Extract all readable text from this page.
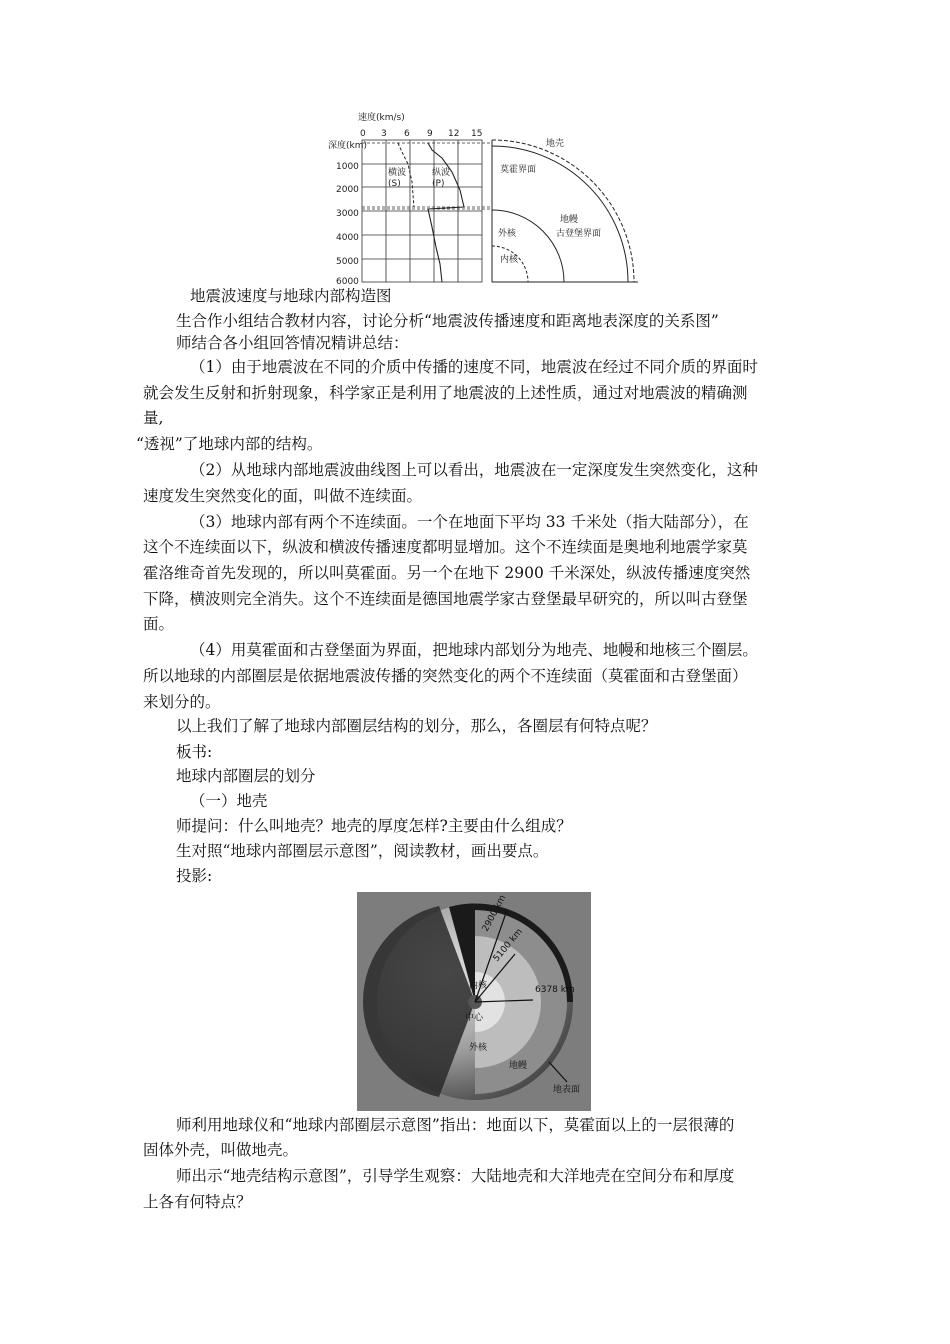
速度(km/s)
深度(km)
0 3 6 9 12 15
1000
2000
3000
4000
5000
6000
横波
(S)
纵波
(P)
地壳
莫霍界面
地幔
古登堡界面
外核
内核
地震波速度与地球内部构造图
生合作小组结合教材内容，讨论分析“地震波传播速度和距离地表深度的关系图”
师结合各小组回答情况精讲总结：
（1）由于地震波在不同的介质中传播的速度不同，地震波在经过不同介质的界面时
就会发生反射和折射现象，科学家正是利用了地震波的上述性质，通过对地震波的精确测
量,
“透视”了地球内部的结构。
（2）从地球内部地震波曲线图上可以看出，地震波在一定深度发生突然变化，这种
速度发生突然变化的面，叫做不连续面。
（3）地球内部有两个不连续面。一个在地面下平均 33 千米处（指大陆部分），在
这个不连续面以下，纵波和横波传播速度都明显增加。这个不连续面是奥地利地震学家莫
霍洛维奇首先发现的，所以叫莫霍面。另一个在地下 2900 千米深处，纵波传播速度突然
下降，横波则完全消失。这个不连续面是德国地震学家古登堡最早研究的，所以叫古登堡
面。
（4）用莫霍面和古登堡面为界面，把地球内部划分为地壳、地幔和地核三个圈层。
所以地球的内部圈层是依据地震波传播的突然变化的两个不连续面（莫霍面和古登堡面）
来划分的。
以上我们了解了地球内部圈层结构的划分，那么，各圈层有何特点呢？
板书:
地球内部圈层的划分
（一）地壳
师提问：什么叫地壳？地壳的厚度怎样?主要由什么组成？
生对照“地球内部圈层示意图”，阅读教材，画出要点。
投影:
2900 km
5100 km
6378 km
内核
中心
外核
地幔
地表面
师利用地球仪和“地球内部圈层示意图”指出：地面以下，莫霍面以上的一层很薄的
固体外壳，叫做地壳。
师出示“地壳结构示意图”，引导学生观察：大陆地壳和大洋地壳在空间分布和厚度
上各有何特点？
